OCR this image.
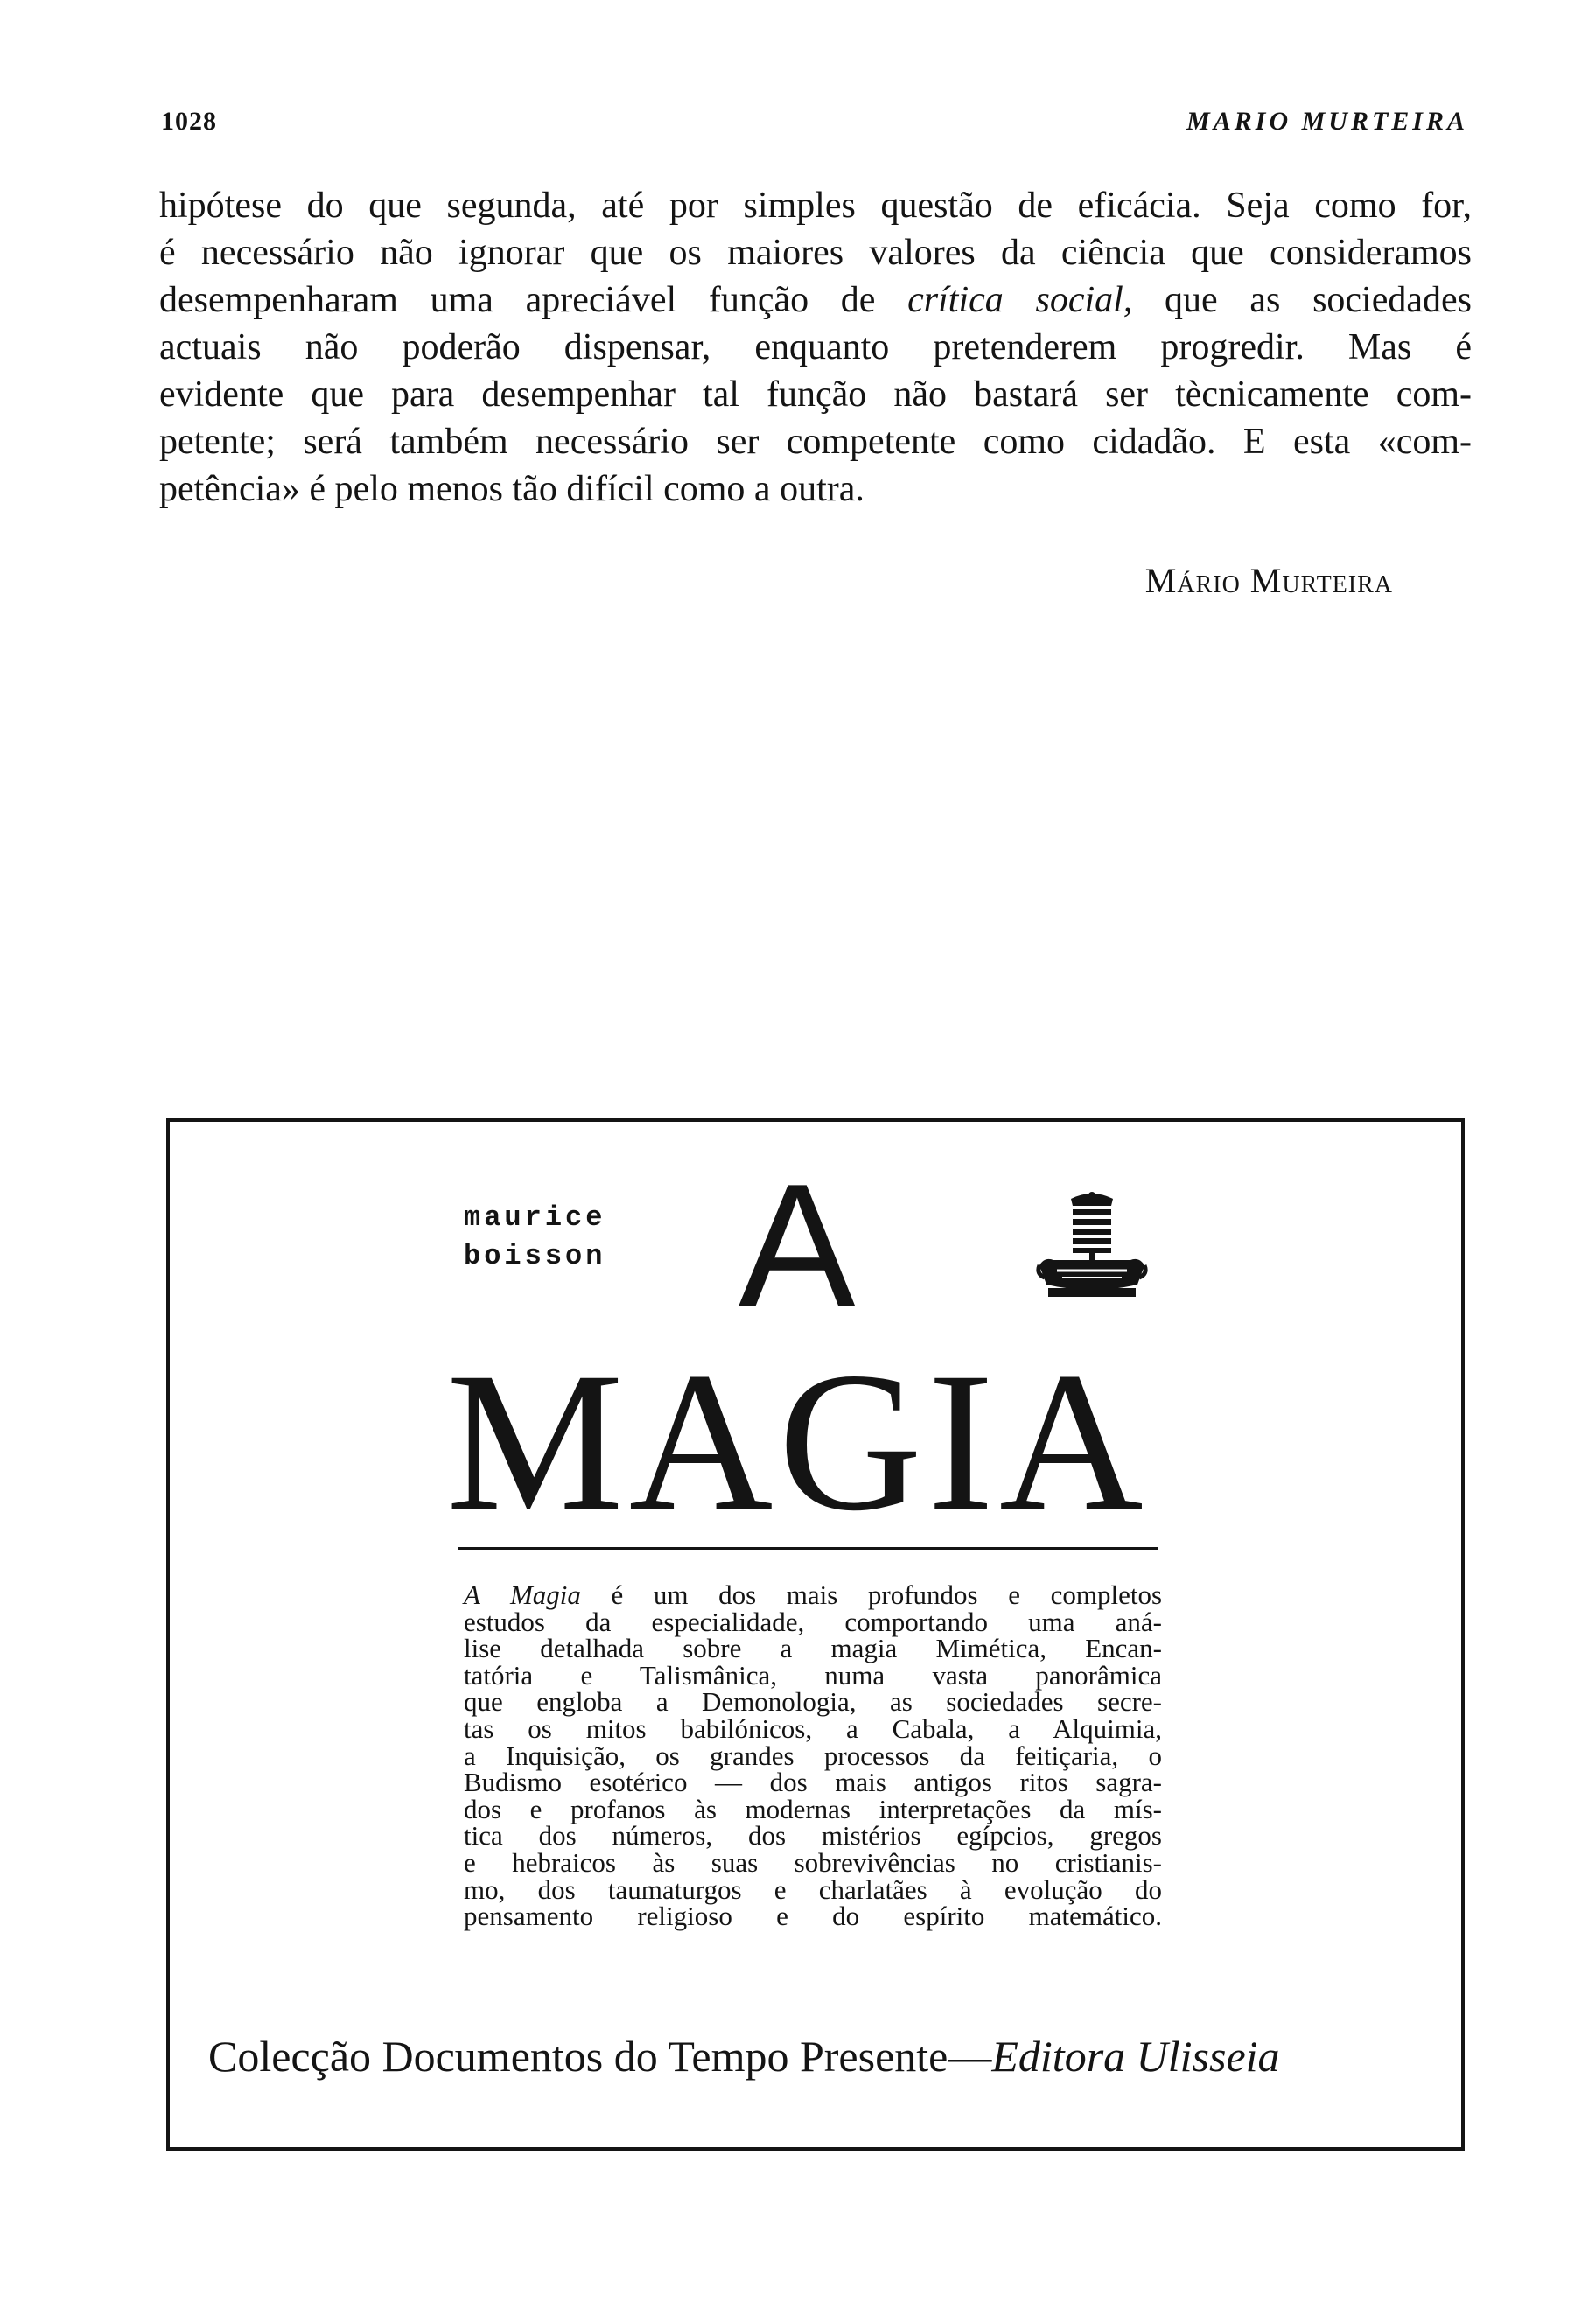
1028	MARIO MURTEIRA
hipótese do que segunda, até por simples questão de eficácia. Seja como for,
é necessário não ignorar que os maiores valores da ciência que consideramos
desempenharam uma apreciável função de crítica social, que as sociedades
actuais não poderão dispensar, enquanto pretenderem progredir. Mas é
evidente que para desempenhar tal função não bastará ser tècnicamente com-
petente; será também necessário ser competente como cidadão. E esta «com-
petência» é pelo menos tão difícil como a outra.
Mário Murteira
maurice
boisson A
MAGIA
A Magia é um dos mais profundos e completos
estudos da especialidade, comportando uma aná-
lise detalhada sobre a magia Mimética, Encan-
tatória e Talismânica, numa vasta panorâmica
que engloba a Demonologia, as sociedades secre-
tas os mitos babilónicos, a Cabala, a Alquimia,
a Inquisição, os grandes processos da feitiçaria, o
Budismo esotérico — dos mais antigos ritos sagra-
dos e profanos às modernas interpretações da mís-
tica dos números, dos mistérios egípcios, gregos
e hebraicos às suas sobrevivências no cristianis-
mo, dos taumaturgos e charlatães à evolução do
pensamento religioso e do espírito matemático.
Colecção Documentos do Tempo Presente—Editora Ulisseia
